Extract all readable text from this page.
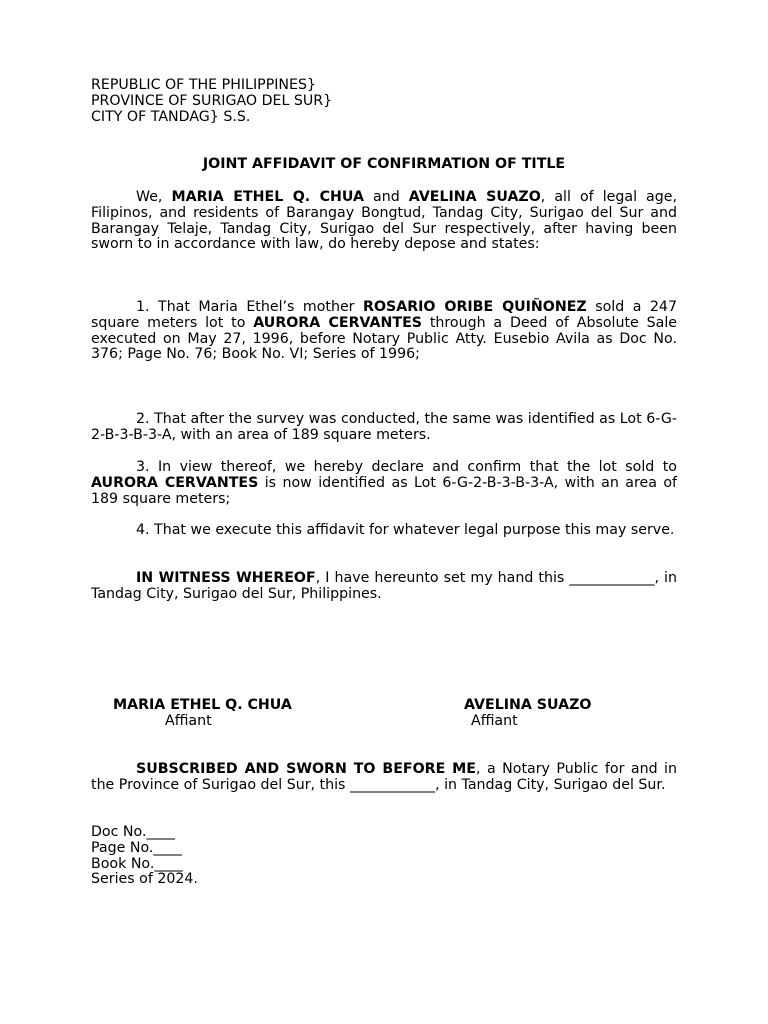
REPUBLIC OF THE PHILIPPINES}
PROVINCE OF SURIGAO DEL SUR}
CITY OF TANDAG} S.S.
JOINT AFFIDAVIT OF CONFIRMATION OF TITLE

We, MARIA ETHEL Q. CHUA and AVELINA SUAZO, all of legal age, Filipinos, and residents of Barangay Bongtud, Tandag City, Surigao del Sur and Barangay Telaje, Tandag City, Surigao del Sur respectively, after having been sworn to in accordance with law, do hereby depose and states:

1. That Maria Ethel’s mother ROSARIO ORIBE QUIÑONEZ sold a 247
square meters lot to AURORA CERVANTES through a Deed of Absolute Sale executed on May 27, 1996, before Notary Public Atty. Eusebio Avila as Doc No. 376; Page No. 76; Book No. VI; Series of 1996;

2. That after the survey was conducted, the same was identified as Lot 6-G-2-B-3-B-3-A, with an area of 189 square meters.

3. In view thereof, we hereby declare and confirm that the lot sold to AURORA CERVANTES is now identified as Lot 6-G-2-B-3-B-3-A, with an area of 189 square meters;

4. That we execute this affidavit for whatever legal purpose this may serve.

IN WITNESS WHEREOF, I have hereunto set my hand this ____________, in Tandag City, Surigao del Sur, Philippines.

MARIA ETHEL Q. CHUA
Affiant
AVELINA SUAZO
Affiant

SUBSCRIBED AND SWORN TO BEFORE ME, a Notary Public for and in the Province of Surigao del Sur, this ____________, in Tandag City, Surigao del Sur.

Doc No.____
Page No.____
Book No.____
Series of 2024.
